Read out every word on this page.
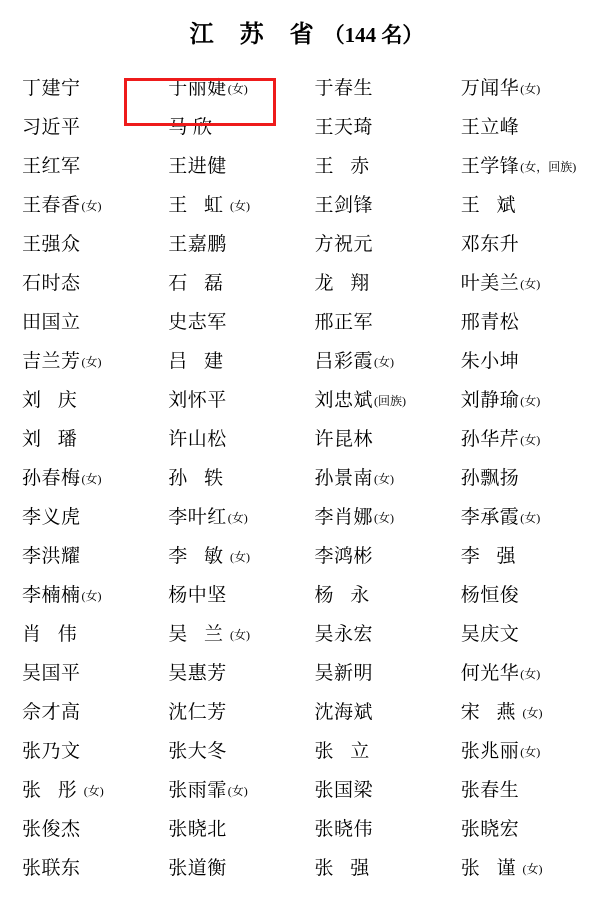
江 苏 省（144 名）
丁建宁	于丽婕 (女)	于春生	万闻华 (女)
习近平	马 欣	王天琦	王立峰
王红军	王进健	王 赤	王学锋 (女，回族)
王春香 (女)	王 虹 (女)	王剑锋	王 斌
王强众	王嘉鹏	方祝元	邓东升
石时态	石 磊	龙 翔	叶美兰 (女)
田国立	史志军	邢正军	邢青松
吉兰芳 (女)	吕 建	吕彩霞 (女)	朱小坤
刘 庆	刘怀平	刘忠斌 (回族)	刘静瑜 (女)
刘 璠	许山松	许昆林	孙华芹 (女)
孙春梅 (女)	孙 轶	孙景南 (女)	孙飘扬
李义虎	李叶红 (女)	李肖娜 (女)	李承霞 (女)
李洪耀	李 敏 (女)	李鸿彬	李 强
李楠楠 (女)	杨中坚	杨 永	杨恒俊
肖 伟	吴 兰 (女)	吴永宏	吴庆文
吴国平	吴惠芳	吴新明	何光华 (女)
佘才高	沈仁芳	沈海斌	宋 燕 (女)
张乃文	张大冬	张 立	张兆丽 (女)
张 彤 (女)	张雨霏 (女)	张国梁	张春生
张俊杰	张晓北	张晓伟	张晓宏
张联东	张道衡	张 强	张 谨 (女)
